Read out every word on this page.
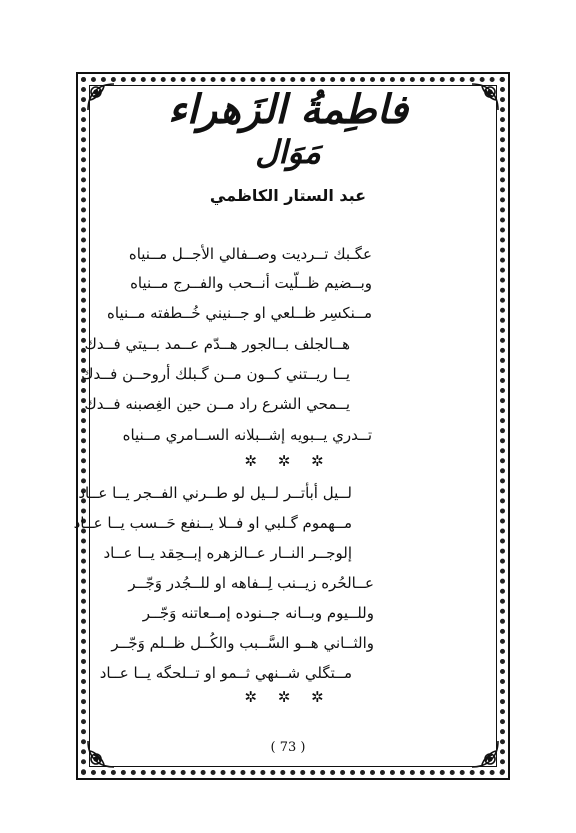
فاطِمةُ الزَهراء
مَوَال
عبد الستار الكاظمي
عگـبك تــرديت وصــفالي الأجــل مــنياه
وبــضيم ظــلّيت أنــحب والفــرج مــنياه
مــنكسِر ظــلعي او جــنيني خُــطفته مــنياه
هــالجلف بــالجور هــدّم عــمد بــيتي فــدك
يــا ريــتني كــون مــن گـبلك أروحــن فــدك
يــمحي الشرع راد مــن حين الغِصبنه فــدك
تــدري يــبويه إشــبلانه الســامري مــنياه
✲ ✲ ✲
لــيل أبأتــر لــيل لو طــرني الفــجر يــا عــاد
مــهموم گـلبي او فــلا يــنفع حَــسب يــا عــاد
إلوجــر النــار عــالزهره إبــحِقد يــا عــاد
عــالحُره زيــنب لِــفاهه او للــجُدر وَجّــر
وللــيوم وبــانه جــنوده إمــعاتنه وَجّــر
والثــاني هــو السَّــبب والكُــل ظــلم وَجّــر
مــتگلي شــنهي ثــمو او تــلحگه يــا عــاد
✲ ✲ ✲
( 73 )
